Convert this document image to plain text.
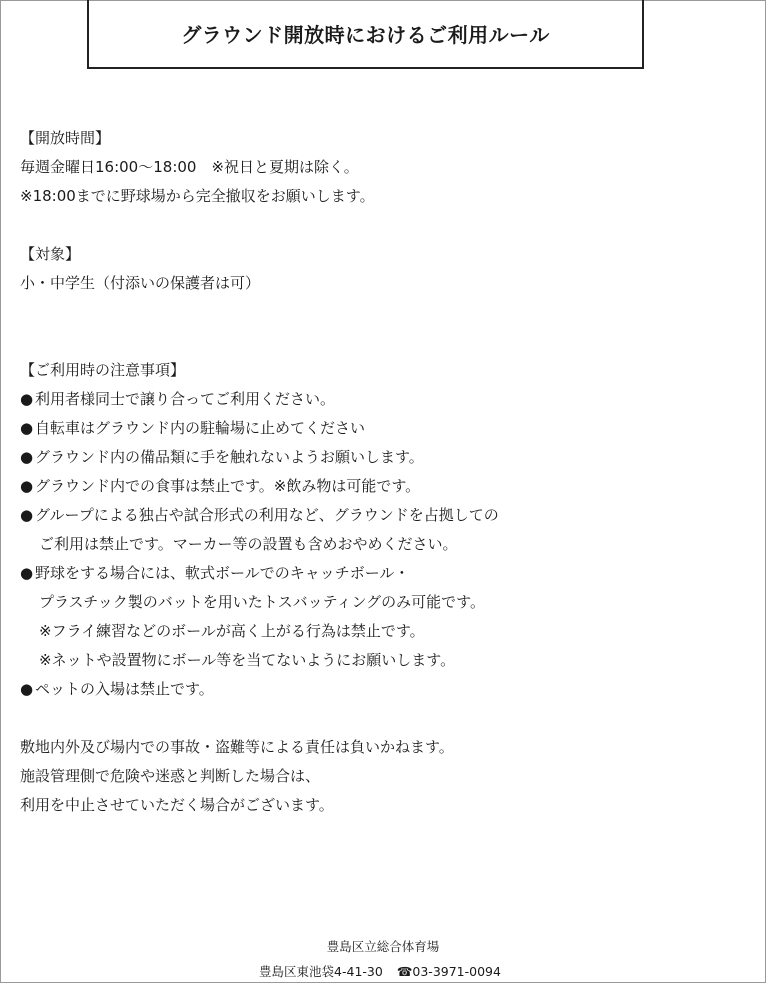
グラウンド開放時におけるご利用ルール
【開放時間】
毎週金曜日16:00〜18:00　※祝日と夏期は除く。
※18:00までに野球場から完全撤収をお願いします。
【対象】
小・中学生（付添いの保護者は可）
【ご利用時の注意事項】
● 利用者様同士で譲り合ってご利用ください。
● 自転車はグラウンド内の駐輪場に止めてください
● グラウンド内の備品類に手を触れないようお願いします。
● グラウンド内での食事は禁止です。※飲み物は可能です。
● グループによる独占や試合形式の利用など、グラウンドを占拠しての
ご利用は禁止です。マーカー等の設置も含めおやめください。
● 野球をする場合には、軟式ボールでのキャッチボール・
プラスチック製のバットを用いたトスバッティングのみ可能です。
※フライ練習などのボールが高く上がる行為は禁止です。
※ネットや設置物にボール等を当てないようにお願いします。
● ペットの入場は禁止です。
敷地内外及び場内での事故・盗難等による責任は負いかねます。
施設管理側で危険や迷惑と判断した場合は、
利用を中止させていただく場合がございます。
豊島区立総合体育場
豊島区東池袋4-41-30 ☎03-3971-0094
